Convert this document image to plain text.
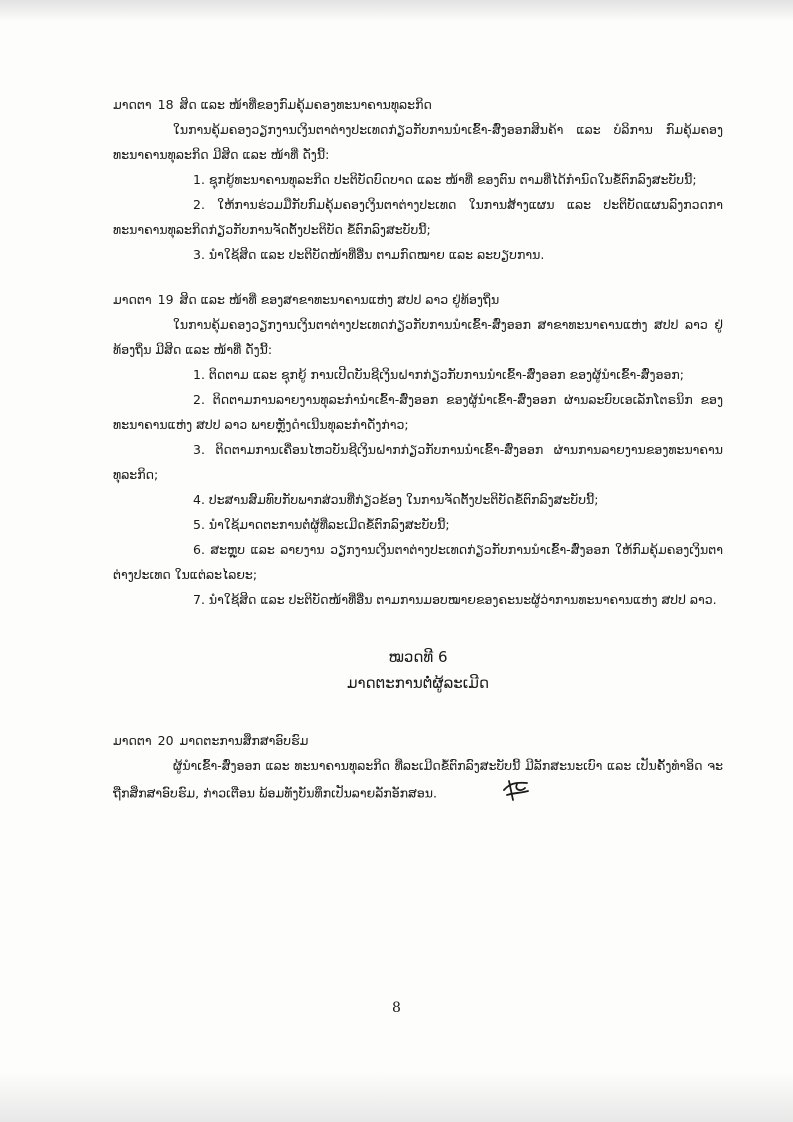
ມາດຕາ 18 ສິດ ແລະ ໜ້າທີ່ຂອງກົມຄຸ້ມຄອງທະນາຄານທຸລະກິດ

ໃນການຄຸ້ມຄອງວຽກງານເງິນຕາຕ່າງປະເທດກ່ຽວກັບການນຳເຂົ້າ-ສົ່ງອອກສິນຄ້າ ແລະ ບໍລິການ ກົມຄຸ້ມຄອງທະນາຄານທຸລະກິດ ມີສິດ ແລະ ໜ້າທີ່ ດັ່ງນີ້:

1. ຊຸກຍູ້ທະນາຄານທຸລະກິດ ປະຕິບັດບົດບາດ ແລະ ໜ້າທີ່ ຂອງຕົນ ຕາມທີ່ໄດ້ກຳນົດໃນຂໍ້ຕົກລົງສະບັບນີ້;

2. ໃຫ້ການຮ່ວມມືກັບກົມຄຸ້ມຄອງເງິນຕາຕ່າງປະເທດ ໃນການສ້າງແຜນ ແລະ ປະຕິບັດແຜນລົງກວດກາທະນາຄານທຸລະກິດກ່ຽວກັບການຈັດຕັ້ງປະຕິບັດ ຂໍ້ຕົກລົງສະບັບນີ້;

3. ນຳໃຊ້ສິດ ແລະ ປະຕິບັດໜ້າທີ່ອື່ນ ຕາມກົດໝາຍ ແລະ ລະບຽບການ.

ມາດຕາ 19 ສິດ ແລະ ໜ້າທີ່ ຂອງສາຂາທະນາຄານແຫ່ງ ສປປ ລາວ ຢູ່ທ້ອງຖິ່ນ

ໃນການຄຸ້ມຄອງວຽກງານເງິນຕາຕ່າງປະເທດກ່ຽວກັບການນຳເຂົ້າ-ສົ່ງອອກ ສາຂາທະນາຄານແຫ່ງ ສປປ ລາວ ຢູ່ທ້ອງຖິ່ນ ມີສິດ ແລະ ໜ້າທີ່ ດັ່ງນີ້:

1. ຕິດຕາມ ແລະ ຊຸກຍູ້ ການເປີດບັນຊີເງິນຝາກກ່ຽວກັບການນຳເຂົ້າ-ສົ່ງອອກ ຂອງຜູ້ນຳເຂົ້າ-ສົ່ງອອກ;

2. ຕິດຕາມການລາຍງານທຸລະກຳນຳເຂົ້າ-ສົ່ງອອກ ຂອງຜູ້ນຳເຂົ້າ-ສົ່ງອອກ ຜ່ານລະບົບເອເລັກໂຕຣນິກ ຂອງທະນາຄານແຫ່ງ ສປປ ລາວ ພາຍຫຼັງດຳເນີນທຸລະກຳດັ່ງກ່າວ;

3. ຕິດຕາມການເຄື່ອນໄຫວບັນຊີເງິນຝາກກ່ຽວກັບການນຳເຂົ້າ-ສົ່ງອອກ ຜ່ານການລາຍງານຂອງທະນາຄານທຸລະກິດ;

4. ປະສານສົມທົບກັບພາກສ່ວນທີ່ກ່ຽວຂ້ອງ ໃນການຈັດຕັ້ງປະຕິບັດຂໍ້ຕົກລົງສະບັບນີ້;

5. ນຳໃຊ້ມາດຕະການຕໍ່ຜູ້ທີ່ລະເມີດຂໍ້ຕົກລົງສະບັບນີ້;

6. ສະຫຼຸບ ແລະ ລາຍງານ ວຽກງານເງິນຕາຕ່າງປະເທດກ່ຽວກັບການນຳເຂົ້າ-ສົ່ງອອກ ໃຫ້ກົມຄຸ້ມຄອງເງິນຕາຕ່າງປະເທດ ໃນແຕ່ລະໄລຍະ;

7. ນຳໃຊ້ສິດ ແລະ ປະຕິບັດໜ້າທີ່ອື່ນ ຕາມການມອບໝາຍຂອງຄະນະຜູ້ວ່າການທະນາຄານແຫ່ງ ສປປ ລາວ.

ໝວດທີ 6

ມາດຕະການຕໍ່ຜູ້ລະເມີດ

ມາດຕາ 20 ມາດຕະການສຶກສາອົບຮົມ

ຜູ້ນຳເຂົ້າ-ສົ່ງອອກ ແລະ ທະນາຄານທຸລະກິດ ທີ່ລະເມີດຂໍ້ຕົກລົງສະບັບນີ້ ມີລັກສະນະເບົາ ແລະ ເປັນຄັ້ງທຳອິດ ຈະຖືກສຶກສາອົບຮົມ, ກ່າວເຕືອນ ພ້ອມທັງບັນທຶກເປັນລາຍລັກອັກສອນ.

8
